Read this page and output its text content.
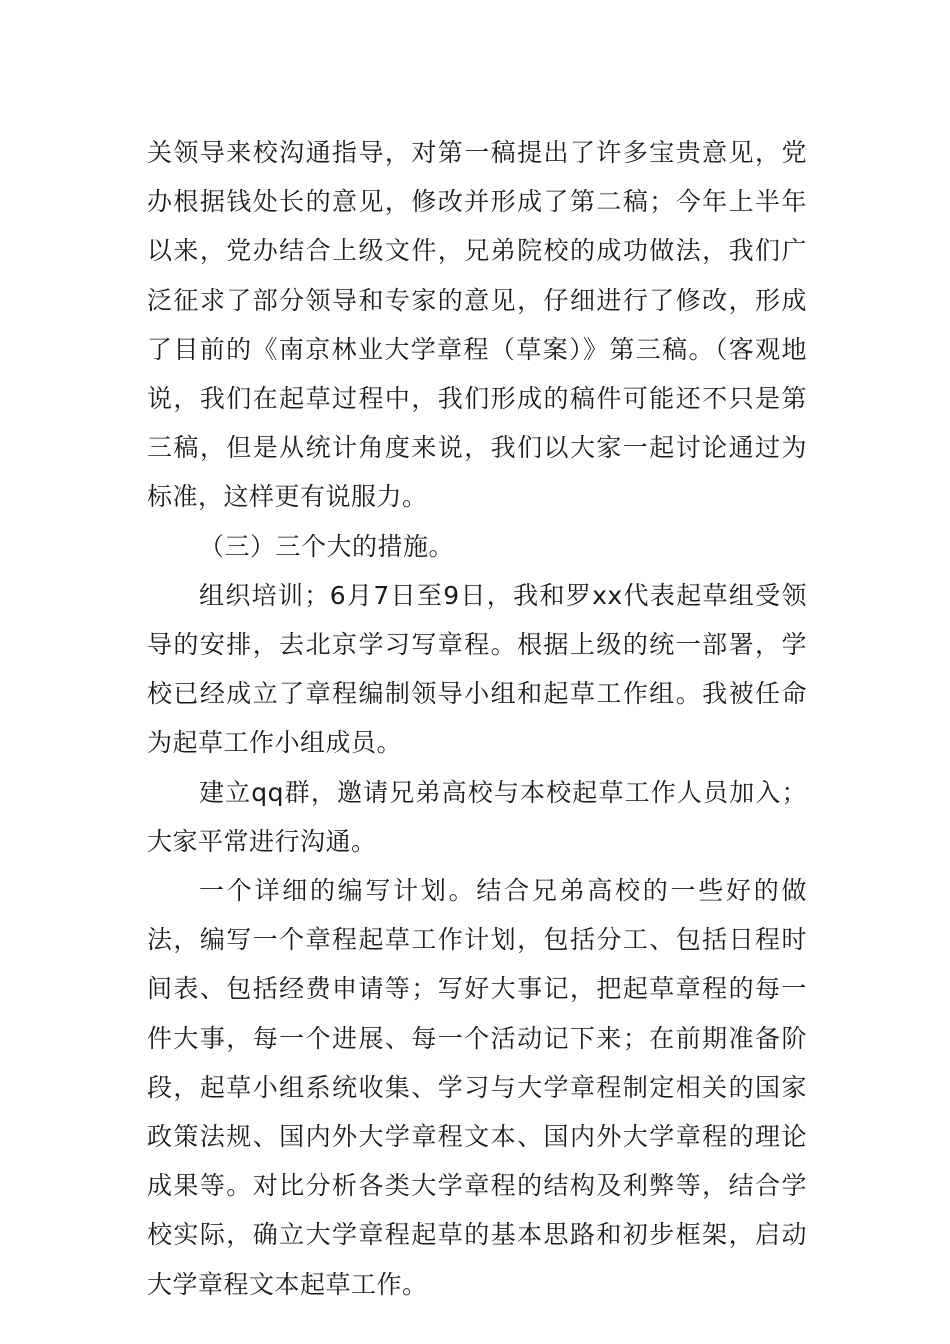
关领导来校沟通指导，对第一稿提出了许多宝贵意见，党办根据钱处长的意见，修改并形成了第二稿；今年上半年以来，党办结合上级文件，兄弟院校的成功做法，我们广泛征求了部分领导和专家的意见，仔细进行了修改，形成了目前的《南京林业大学章程（草案）》第三稿。（客观地说，我们在起草过程中，我们形成的稿件可能还不只是第三稿，但是从统计角度来说，我们以大家一起讨论通过为标准，这样更有说服力。

（三）三个大的措施。

组织培训；6月7日至9日，我和罗xx代表起草组受领导的安排，去北京学习写章程。根据上级的统一部署，学校已经成立了章程编制领导小组和起草工作组。我被任命为起草工作小组成员。

建立qq群，邀请兄弟高校与本校起草工作人员加入；大家平常进行沟通。

一个详细的编写计划。结合兄弟高校的一些好的做法，编写一个章程起草工作计划，包括分工、包括日程时间表、包括经费申请等；写好大事记，把起草章程的每一件大事，每一个进展、每一个活动记下来；在前期准备阶段，起草小组系统收集、学习与大学章程制定相关的国家政策法规、国内外大学章程文本、国内外大学章程的理论成果等。对比分析各类大学章程的结构及利弊等，结合学校实际，确立大学章程起草的基本思路和初步框架，启动大学章程文本起草工作。
